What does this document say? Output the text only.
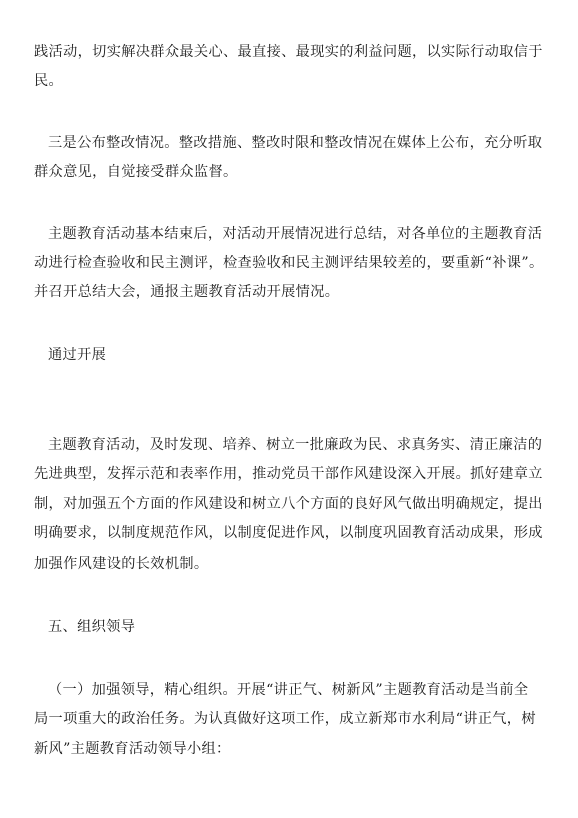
践活动，切实解决群众最关心、最直接、最现实的利益问题，以实际行动取信于
民。
三是公布整改情况。整改措施、整改时限和整改情况在媒体上公布，充分听取
群众意见，自觉接受群众监督。
主题教育活动基本结束后，对活动开展情况进行总结，对各单位的主题教育活
动进行检查验收和民主测评，检查验收和民主测评结果较差的，要重新“补课”。
并召开总结大会，通报主题教育活动开展情况。
通过开展
主题教育活动，及时发现、培养、树立一批廉政为民、求真务实、清正廉洁的
先进典型，发挥示范和表率作用，推动党员干部作风建设深入开展。抓好建章立
制，对加强五个方面的作风建设和树立八个方面的良好风气做出明确规定，提出
明确要求，以制度规范作风，以制度促进作风，以制度巩固教育活动成果，形成
加强作风建设的长效机制。
五、组织领导
（一）加强领导，精心组织。开展“讲正气、树新风”主题教育活动是当前全
局一项重大的政治任务。为认真做好这项工作，成立新郑市水利局“讲正气，树
新风”主题教育活动领导小组：
